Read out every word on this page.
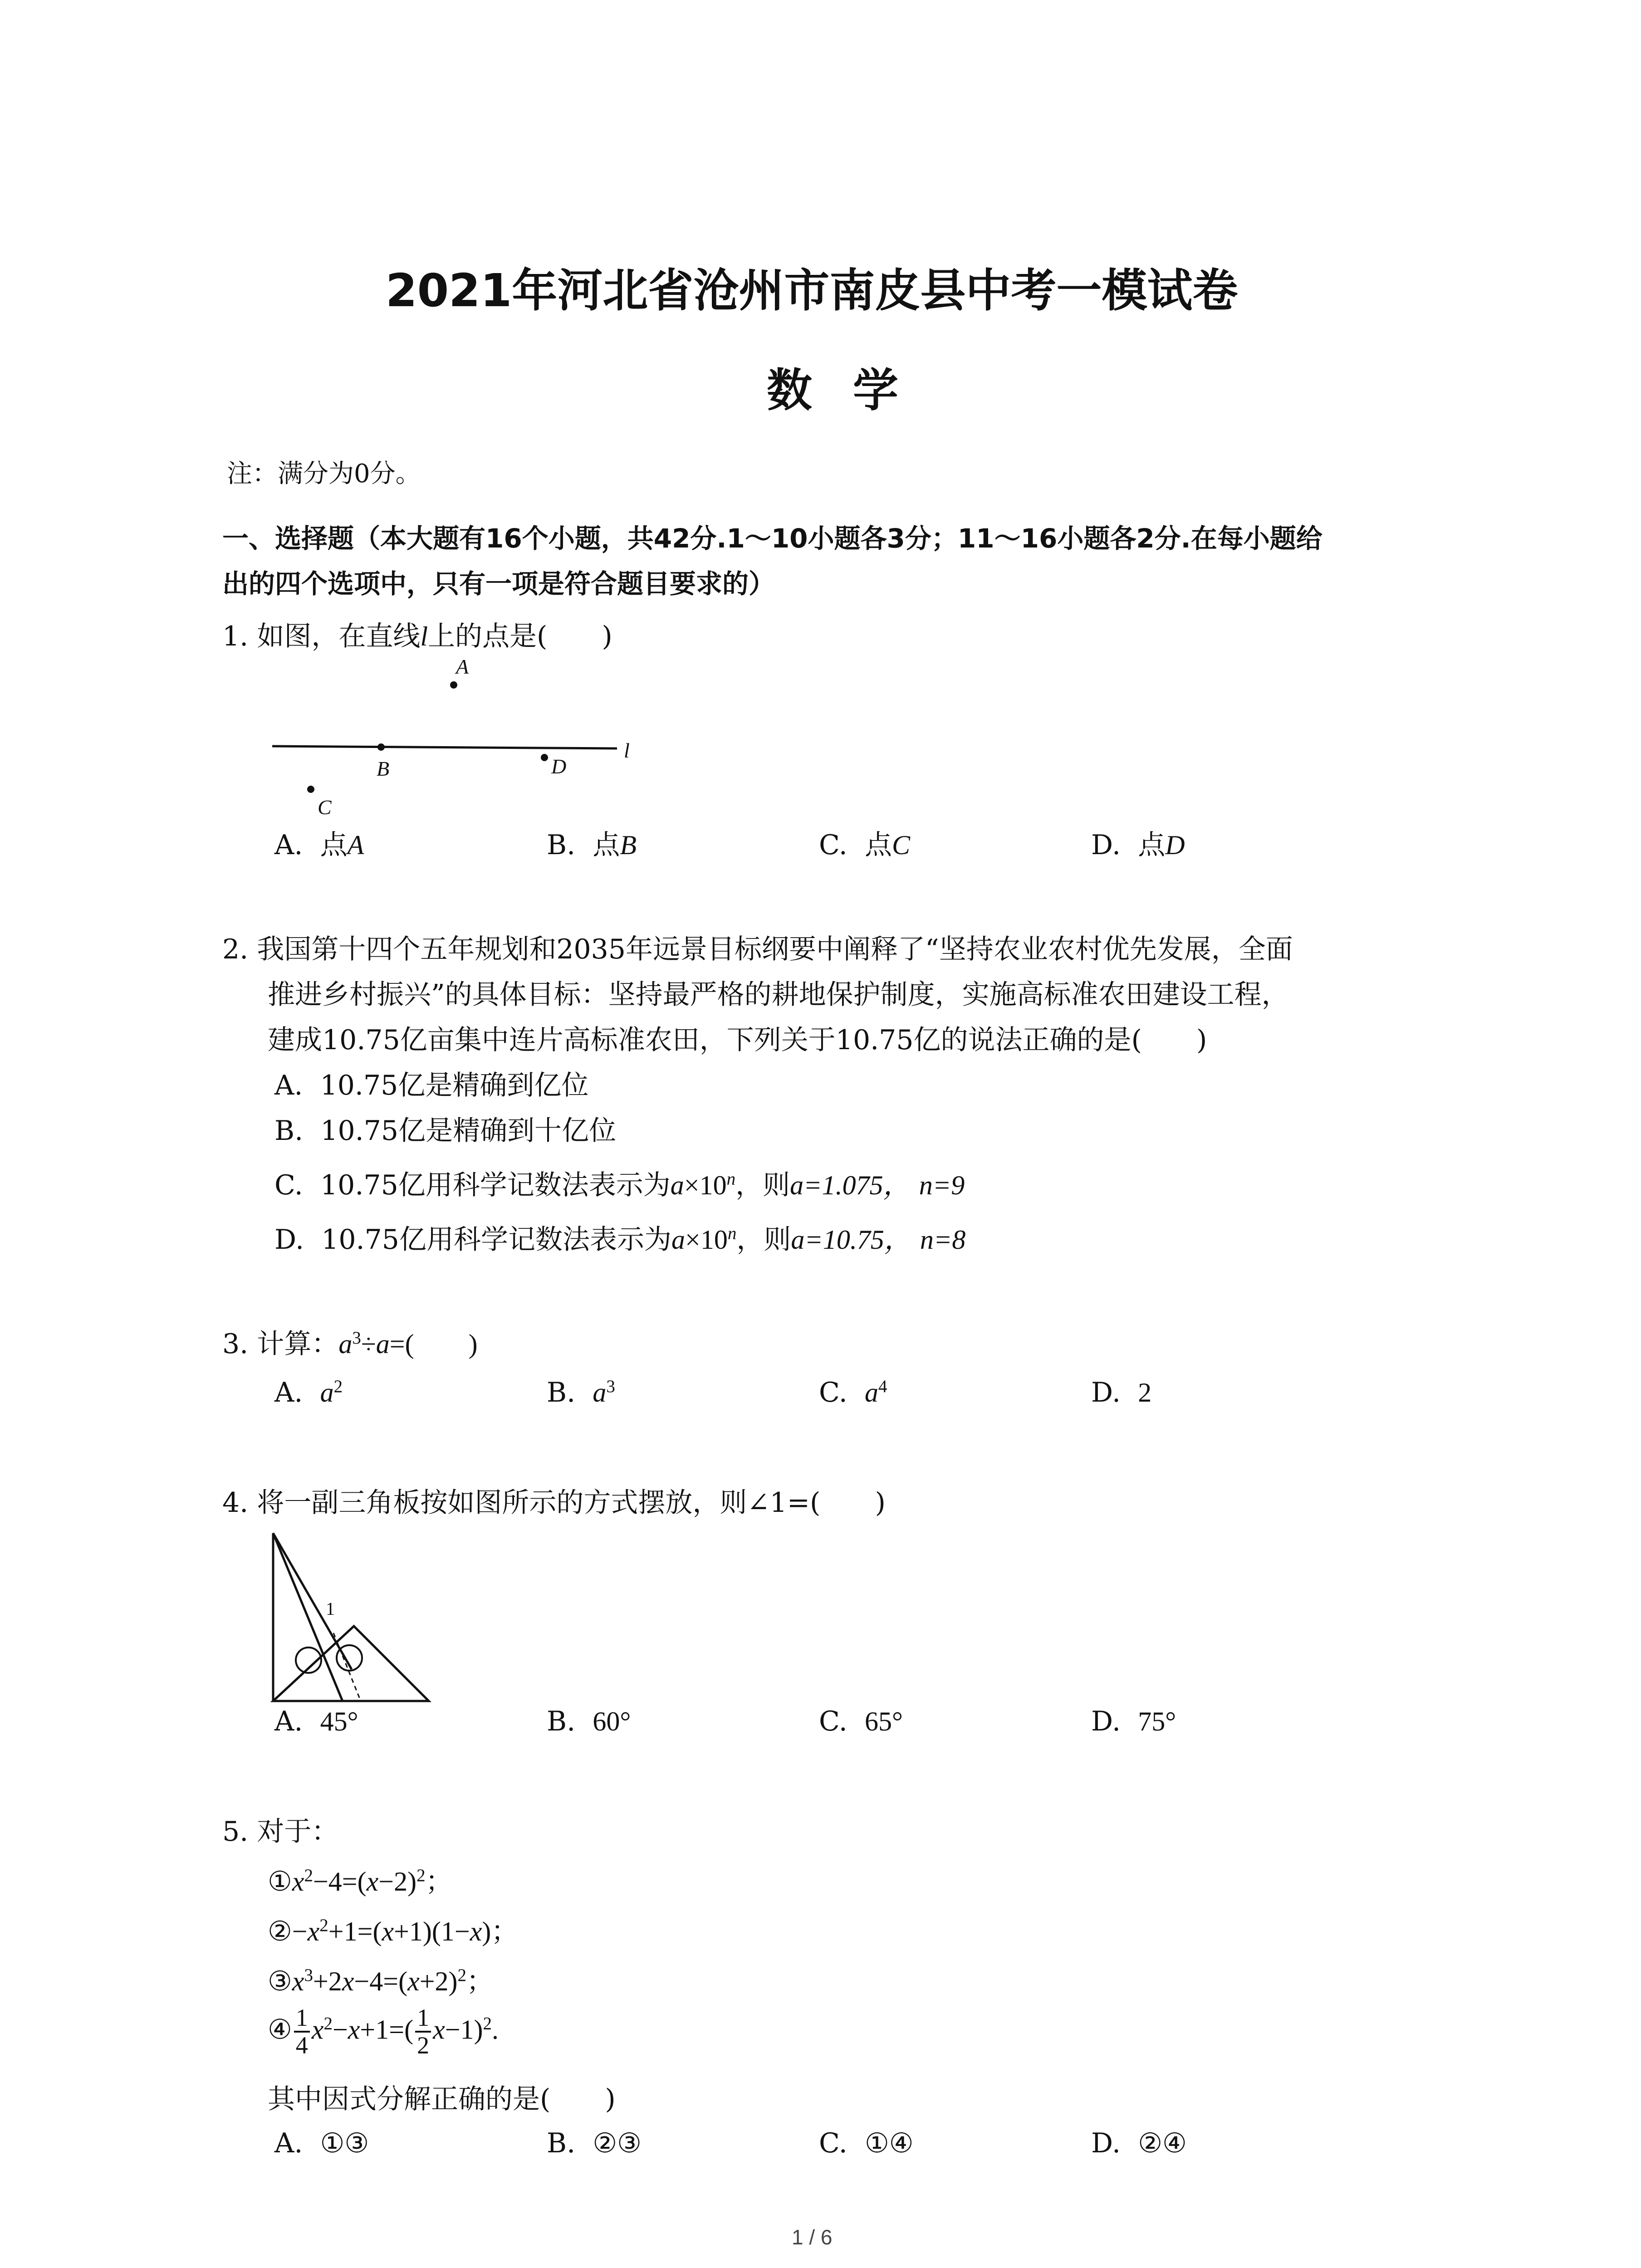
2021年河北省沧州市南皮县中考一模试卷
数学
注：满分为0分。
一、选择题（本大题有16个小题，共42分.1～10小题各3分；11～16小题各2分.在每小题给
出的四个选项中，只有一项是符合题目要求的）
1. 如图，在直线l上的点是(　　)
A
B
C
D
l
A. 点A	B. 点B	C. 点C	D. 点D
2. 我国第十四个五年规划和2035年远景目标纲要中阐释了“坚持农业农村优先发展，全面
推进乡村振兴”的具体目标：坚持最严格的耕地保护制度，实施高标准农田建设工程，
建成10.75亿亩集中连片高标准农田，下列关于10.75亿的说法正确的是(　　)
A. 10.75亿是精确到亿位
B. 10.75亿是精确到十亿位
C. 10.75亿用科学记数法表示为$a\times 10^n$，则a=1.075， n=9
D. 10.75亿用科学记数法表示为$a\times 10^n$，则a=10.75， n=8
3. 计算：$a^3\div a=$(　　)
A. $a^2$	B. $a^3$	C. $a^4$	D. 2
4. 将一副三角板按如图所示的方式摆放，则∠1=(　　)
1
A. 45°	B. 60°	C. 65°	D. 75°
5. 对于：
$①x^2-4=(x-2)^2$；
$②-x^2+1=(x+1)(1-x)$；
$③x^3+2x-4=(x+2)^2$；
④ $\frac{1}{4} x^2-x+1=( \frac{1}{2} x-1)^2$.
其中因式分解正确的是(　　)
A. ①③	B. ②③	C. ①④	D. ②④
1 / 6
